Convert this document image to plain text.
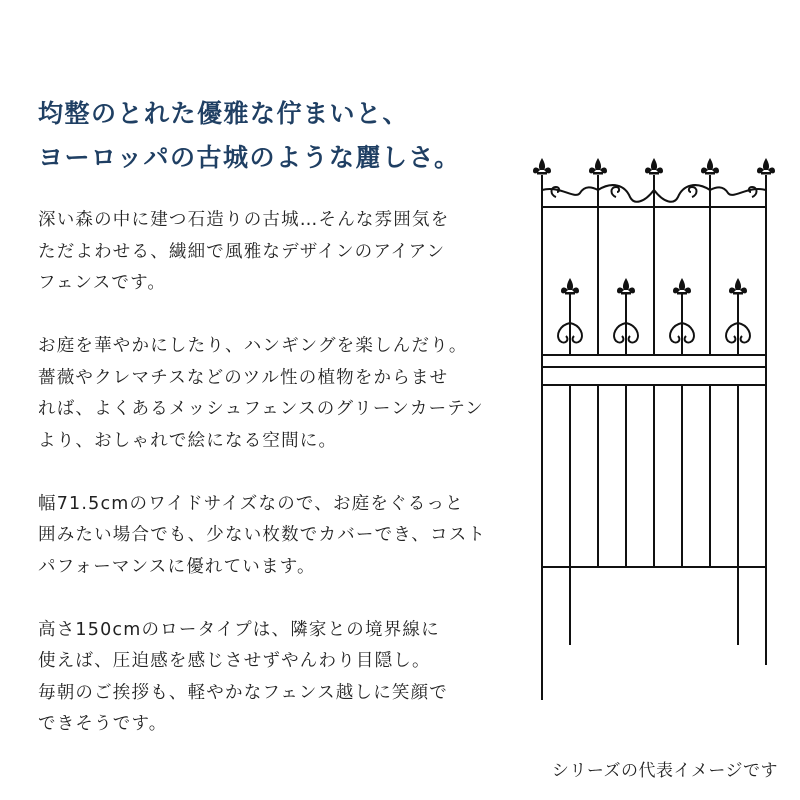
均整のとれた優雅な佇まいと、
ヨーロッパの古城のような麗しさ。

深い森の中に建つ石造りの古城…そんな雰囲気を
ただよわせる、繊細で風雅なデザインのアイアン
フェンスです。

お庭を華やかにしたり、ハンギングを楽しんだり。
薔薇やクレマチスなどのツル性の植物をからませ
れば、よくあるメッシュフェンスのグリーンカーテン
より、おしゃれで絵になる空間に。

幅71.5cmのワイドサイズなので、お庭をぐるっと
囲みたい場合でも、少ない枚数でカバーでき、コスト
パフォーマンスに優れています。

高さ150cmのロータイプは、隣家との境界線に
使えば、圧迫感を感じさせずやんわり目隠し。
毎朝のご挨拶も、軽やかなフェンス越しに笑顔で
できそうです。

シリーズの代表イメージです
